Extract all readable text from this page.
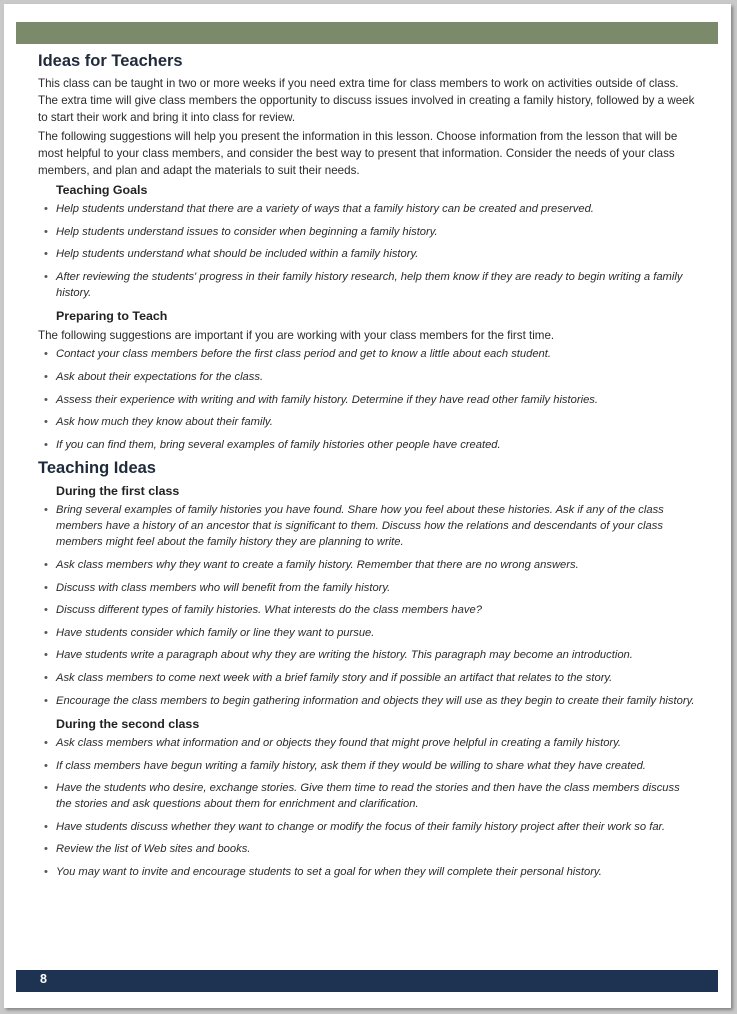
Ideas for Teachers

This class can be taught in two or more weeks if you need extra time for class members to work on activities outside of class. The extra time will give class members the opportunity to discuss issues involved in creating a family history, followed by a week to start their work and bring it into class for review.

The following suggestions will help you present the information in this lesson. Choose information from the lesson that will be most helpful to your class members, and consider the best way to present that information. Consider the needs of your class members, and plan and adapt the materials to suit their needs.

Teaching Goals
• Help students understand that there are a variety of ways that a family history can be created and preserved.
• Help students understand issues to consider when beginning a family history.
• Help students understand what should be included within a family history.
• After reviewing the students' progress in their family history research, help them know if they are ready to begin writing a family history.
Preparing to Teach

The following suggestions are important if you are working with your class members for the first time.

• Contact your class members before the first class period and get to know a little about each student.
• Ask about their expectations for the class.
• Assess their experience with writing and with family history. Determine if they have read other family histories.
• Ask how much they know about their family.
• If you can find them, bring several examples of family histories other people have created.
Teaching Ideas
During the first class
• Bring several examples of family histories you have found. Share how you feel about these histories. Ask if any of the class members have a history of an ancestor that is significant to them. Discuss how the relations and descendants of your class members might feel about the family history they are planning to write.
• Ask class members why they want to create a family history. Remember that there are no wrong answers.
• Discuss with class members who will benefit from the family history.
• Discuss different types of family histories. What interests do the class members have?
• Have students consider which family or line they want to pursue.
• Have students write a paragraph about why they are writing the history. This paragraph may become an introduction.
• Ask class members to come next week with a brief family story and if possible an artifact that relates to the story.
• Encourage the class members to begin gathering information and objects they will use as they begin to create their family history.
During the second class
• Ask class members what information and or objects they found that might prove helpful in creating a family history.
• If class members have begun writing a family history, ask them if they would be willing to share what they have created.
• Have the students who desire, exchange stories. Give them time to read the stories and then have the class members discuss the stories and ask questions about them for enrichment and clarification.
• Have students discuss whether they want to change or modify the focus of their family history project after their work so far.
• Review the list of Web sites and books.
• You may want to invite and encourage students to set a goal for when they will complete their personal history.
8
